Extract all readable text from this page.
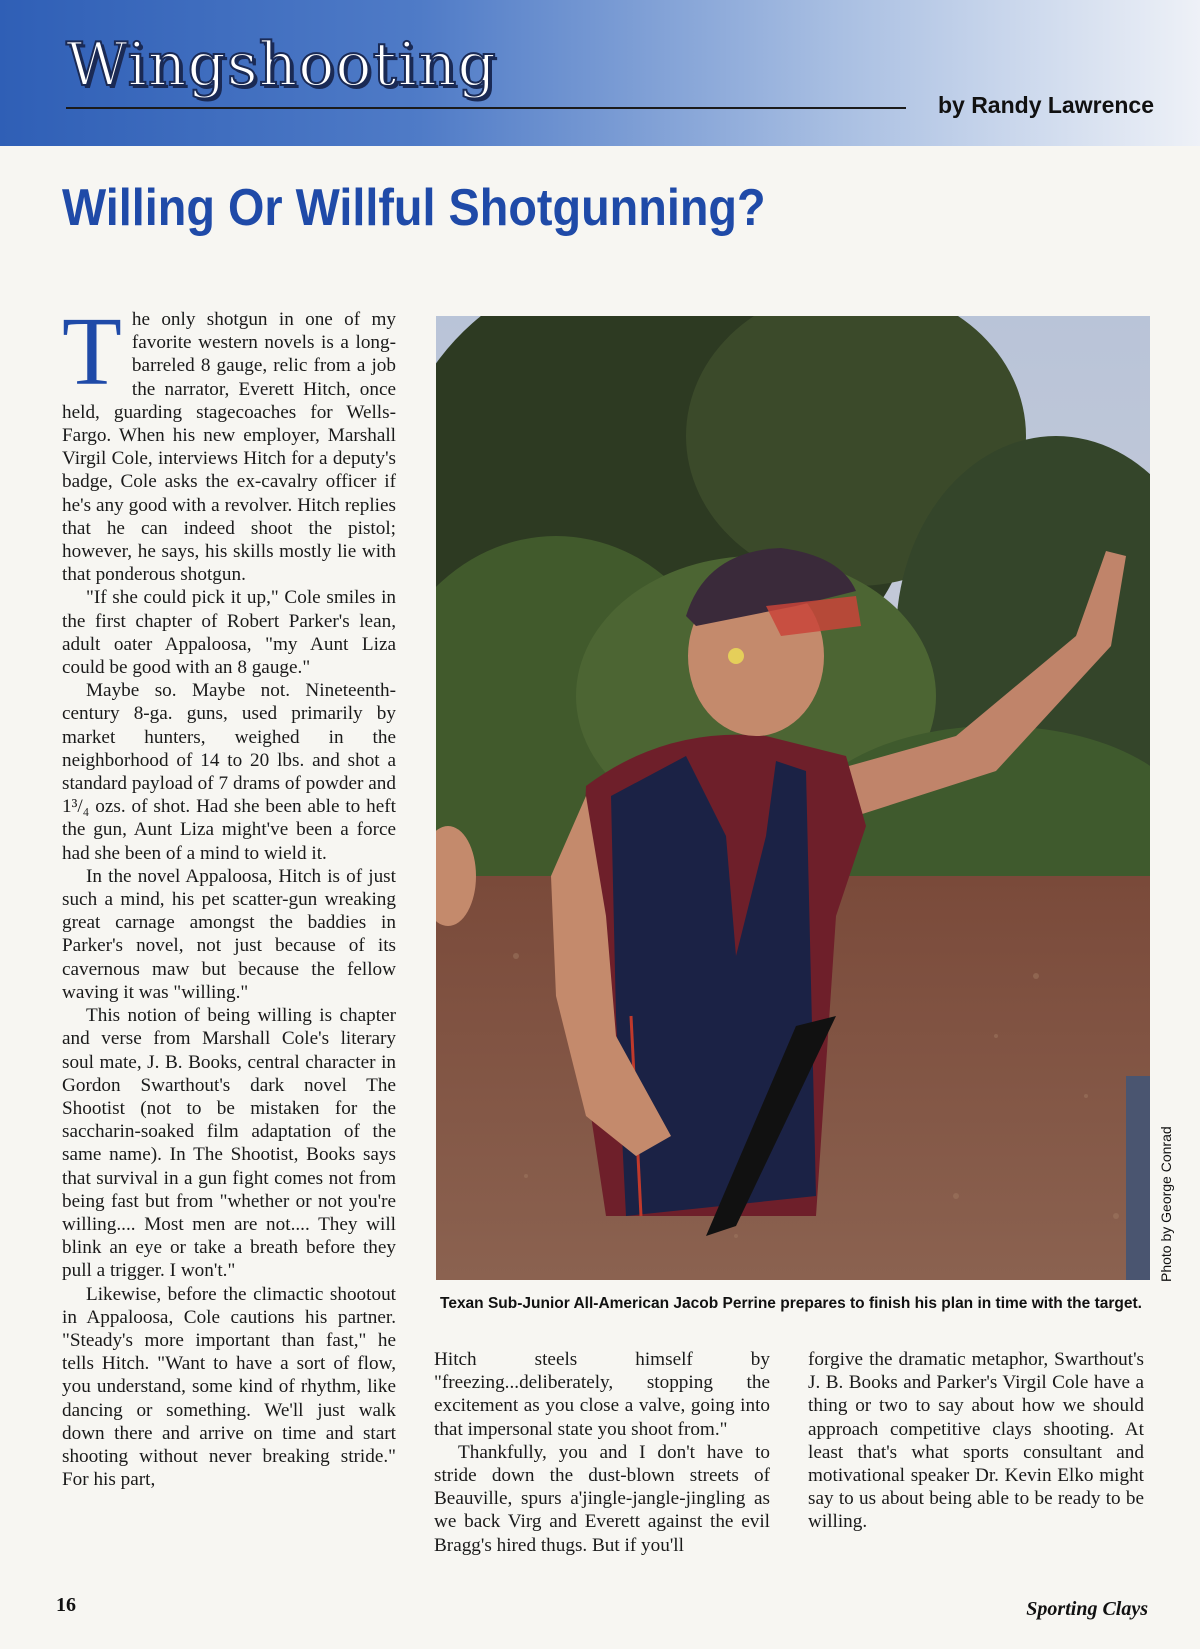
Wingshooting
by Randy Lawrence
Willing Or Willful Shotgunning?

The only shotgun in one of my favorite western novels is a long-barreled 8 gauge, relic from a job the narrator, Everett Hitch, once held, guarding stagecoaches for Wells-Fargo. When his new employer, Marshall Virgil Cole, interviews Hitch for a deputy's badge, Cole asks the ex-cavalry officer if he's any good with a revolver. Hitch replies that he can indeed shoot the pistol; however, he says, his skills mostly lie with that ponderous shotgun.

"If she could pick it up," Cole smiles in the first chapter of Robert Parker's lean, adult oater Appaloosa, "my Aunt Liza could be good with an 8 gauge."

Maybe so. Maybe not. Nineteenth-century 8-ga. guns, used primarily by market hunters, weighed in the neighborhood of 14 to 20 lbs. and shot a standard payload of 7 drams of powder and 1³/₄ ozs. of shot. Had she been able to heft the gun, Aunt Liza might've been a force had she been of a mind to wield it.

In the novel Appaloosa, Hitch is of just such a mind, his pet scatter-gun wreaking great carnage amongst the baddies in Parker's novel, not just because of its cavernous maw but because the fellow waving it was "willing."

This notion of being willing is chapter and verse from Marshall Cole's literary soul mate, J. B. Books, central character in Gordon Swarthout's dark novel The Shootist (not to be mistaken for the saccharin-soaked film adaptation of the same name). In The Shootist, Books says that survival in a gun fight comes not from being fast but from "whether or not you're willing.... Most men are not.... They will blink an eye or take a breath before they pull a trigger. I won't."

Likewise, before the climactic shootout in Appaloosa, Cole cautions his partner. "Steady's more important than fast," he tells Hitch. "Want to have a sort of flow, you understand, some kind of rhythm, like dancing or something. We'll just walk down there and arrive on time and start shooting without never breaking stride." For his part,

Photo by George Conrad
Texan Sub-Junior All-American Jacob Perrine prepares to finish his plan in time with the target.

Hitch steels himself by "freezing...deliberately, stopping the excitement as you close a valve, going into that impersonal state you shoot from."

Thankfully, you and I don't have to stride down the dust-blown streets of Beauville, spurs a'jingle-jangle-jingling as we back Virg and Everett against the evil Bragg's hired thugs. But if you'll

forgive the dramatic metaphor, Swarthout's J. B. Books and Parker's Virgil Cole have a thing or two to say about how we should approach competitive clays shooting. At least that's what sports consultant and motivational speaker Dr. Kevin Elko might say to us about being able to be ready to be willing.

16	Sporting Clays
